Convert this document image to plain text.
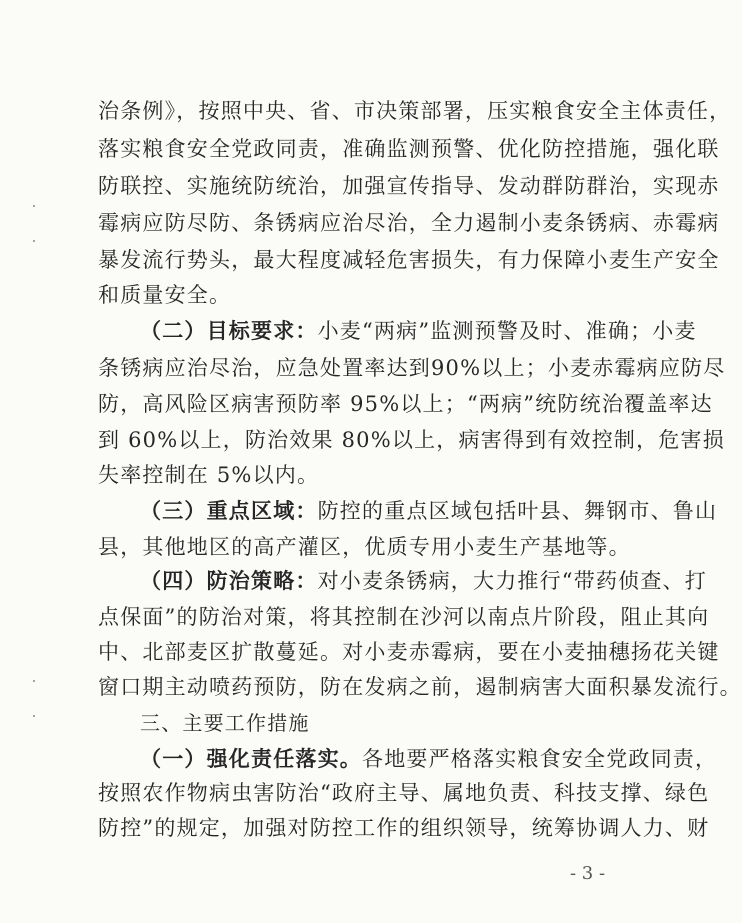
治条例》，按照中央、省、市决策部署，压实粮食安全主体责任，
落实粮食安全党政同责，准确监测预警、优化防控措施，强化联
防联控、实施统防统治，加强宣传指导、发动群防群治，实现赤
霉病应防尽防、条锈病应治尽治，全力遏制小麦条锈病、赤霉病
暴发流行势头，最大程度减轻危害损失，有力保障小麦生产安全
和质量安全。
（二）目标要求：小麦“两病”监测预警及时、准确；小麦
条锈病应治尽治，应急处置率达到90%以上；小麦赤霉病应防尽
防，高风险区病害预防率 95%以上；“两病”统防统治覆盖率达
到 60%以上，防治效果 80%以上，病害得到有效控制，危害损
失率控制在 5%以内。
（三）重点区域：防控的重点区域包括叶县、舞钢市、鲁山
县，其他地区的高产灌区，优质专用小麦生产基地等。
（四）防治策略：对小麦条锈病，大力推行“带药侦查、打
点保面”的防治对策，将其控制在沙河以南点片阶段，阻止其向
中、北部麦区扩散蔓延。对小麦赤霉病，要在小麦抽穗扬花关键
窗口期主动喷药预防，防在发病之前，遏制病害大面积暴发流行。
三、主要工作措施
（一）强化责任落实。各地要严格落实粮食安全党政同责，
按照农作物病虫害防治“政府主导、属地负责、科技支撑、绿色
防控”的规定，加强对防控工作的组织领导，统筹协调人力、财
- 3 -
